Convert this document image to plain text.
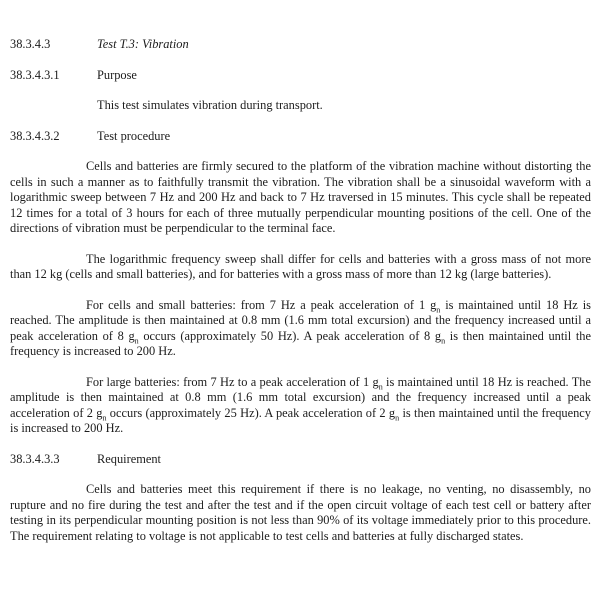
38.3.4.3	Test T.3: Vibration
38.3.4.3.1	Purpose

This test simulates vibration during transport.

38.3.4.3.2	Test procedure

Cells and batteries are firmly secured to the platform of the vibration machine without distorting the cells in such a manner as to faithfully transmit the vibration. The vibration shall be a sinusoidal waveform with a logarithmic sweep between 7 Hz and 200 Hz and back to 7 Hz traversed in 15 minutes. This cycle shall be repeated 12 times for a total of 3 hours for each of three mutually perpendicular mounting positions of the cell. One of the directions of vibration must be perpendicular to the terminal face.

The logarithmic frequency sweep shall differ for cells and batteries with a gross mass of not more than 12 kg (cells and small batteries), and for batteries with a gross mass of more than 12 kg (large batteries).

For cells and small batteries: from 7 Hz a peak acceleration of 1 $g_n$ is maintained until 18 Hz is reached. The amplitude is then maintained at 0.8 mm (1.6 mm total excursion) and the frequency increased until a peak acceleration of 8 $g_n$ occurs (approximately 50 Hz). A peak acceleration of 8 $g_n$ is then maintained until the frequency is increased to 200 Hz.

For large batteries: from 7 Hz to a peak acceleration of 1 $g_n$ is maintained until 18 Hz is reached. The amplitude is then maintained at 0.8 mm (1.6 mm total excursion) and the frequency increased until a peak acceleration of 2 $g_n$ occurs (approximately 25 Hz). A peak acceleration of 2 $g_n$ is then maintained until the frequency is increased to 200 Hz.

38.3.4.3.3	Requirement

Cells and batteries meet this requirement if there is no leakage, no venting, no disassembly, no rupture and no fire during the test and after the test and if the open circuit voltage of each test cell or battery after testing in its perpendicular mounting position is not less than 90% of its voltage immediately prior to this procedure. The requirement relating to voltage is not applicable to test cells and batteries at fully discharged states.
